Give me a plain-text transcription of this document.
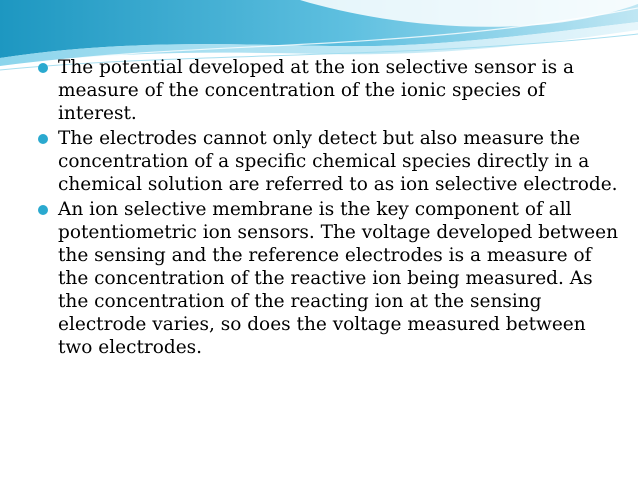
The potential developed at the ion selective sensor is a measure of the concentration of the ionic species of interest.
The electrodes cannot only detect but also measure the concentration of a specific chemical species directly in a chemical solution are referred to as ion selective electrode.
An ion selective membrane is the key component of all potentiometric ion sensors. The voltage developed between the sensing and the reference electrodes is a measure of the concentration of the reactive ion being measured. As the concentration of the reacting ion at the sensing electrode varies, so does the voltage measured between two electrodes.
